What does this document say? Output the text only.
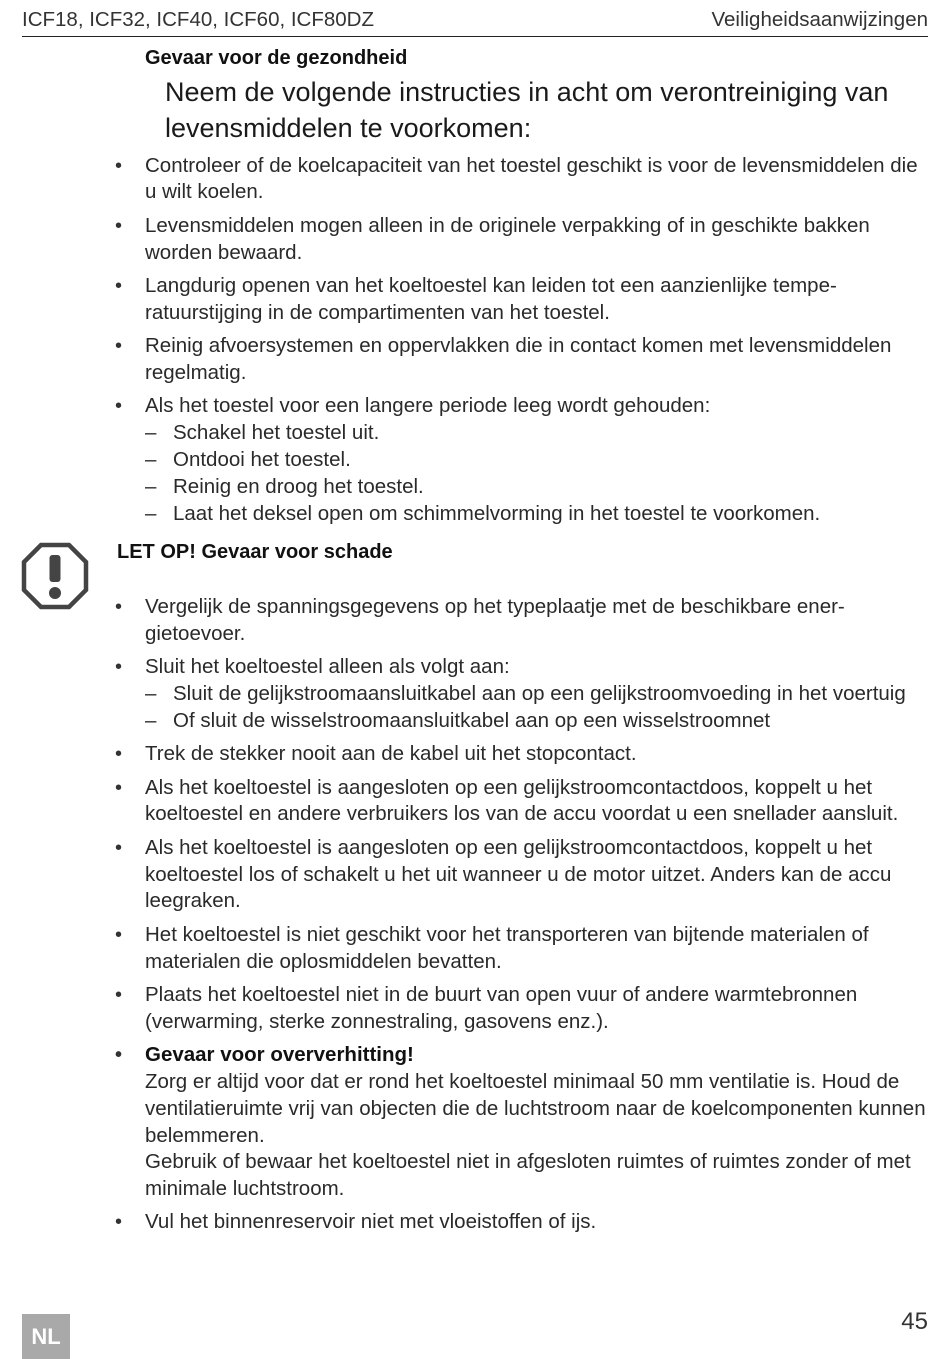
ICF18, ICF32, ICF40, ICF60, ICF80DZ	Veiligheidsaanwijzingen
Gevaar voor de gezondheid
Neem de volgende instructies in acht om verontreiniging van levensmiddelen te voorkomen:
•	Controleer of de koelcapaciteit van het toestel geschikt is voor de levensmiddelen die u wilt koelen.
•	Levensmiddelen mogen alleen in de originele verpakking of in geschikte bakken worden bewaard.
•	Langdurig openen van het koeltoestel kan leiden tot een aanzienlijke temperatuurstijging in de compartimenten van het toestel.
•	Reinig afvoersystemen en oppervlakken die in contact komen met levensmiddelen regelmatig.
•	Als het toestel voor een langere periode leeg wordt gehouden:
– Schakel het toestel uit.
– Ontdooi het toestel.
– Reinig en droog het toestel.
– Laat het deksel open om schimmelvorming in het toestel te voorkomen.
LET OP! Gevaar voor schade
•	Vergelijk de spanningsgegevens op het typeplaatje met de beschikbare energietoevoer.
•	Sluit het koeltoestel alleen als volgt aan:
– Sluit de gelijkstroomaansluitkabel aan op een gelijkstroomvoeding in het voertuig
– Of sluit de wisselstroomaansluitkabel aan op een wisselstroomnet
•	Trek de stekker nooit aan de kabel uit het stopcontact.
•	Als het koeltoestel is aangesloten op een gelijkstroomcontactdoos, koppelt u het koeltoestel en andere verbruikers los van de accu voordat u een snellader aansluit.
•	Als het koeltoestel is aangesloten op een gelijkstroomcontactdoos, koppelt u het koeltoestel los of schakelt u het uit wanneer u de motor uitzet. Anders kan de accu leegraken.
•	Het koeltoestel is niet geschikt voor het transporteren van bijtende materialen of materialen die oplosmiddelen bevatten.
•	Plaats het koeltoestel niet in de buurt van open vuur of andere warmtebronnen (verwarming, sterke zonnestraling, gasovens enz.).
•	Gevaar voor oververhitting!
Zorg er altijd voor dat er rond het koeltoestel minimaal 50 mm ventilatie is. Houd de ventilatieruimte vrij van objecten die de luchtstroom naar de koelcomponenten kunnen belemmeren.
Gebruik of bewaar het koeltoestel niet in afgesloten ruimtes of ruimtes zonder of met minimale luchtstroom.
•	Vul het binnenreservoir niet met vloeistoffen of ijs.
NL
45
